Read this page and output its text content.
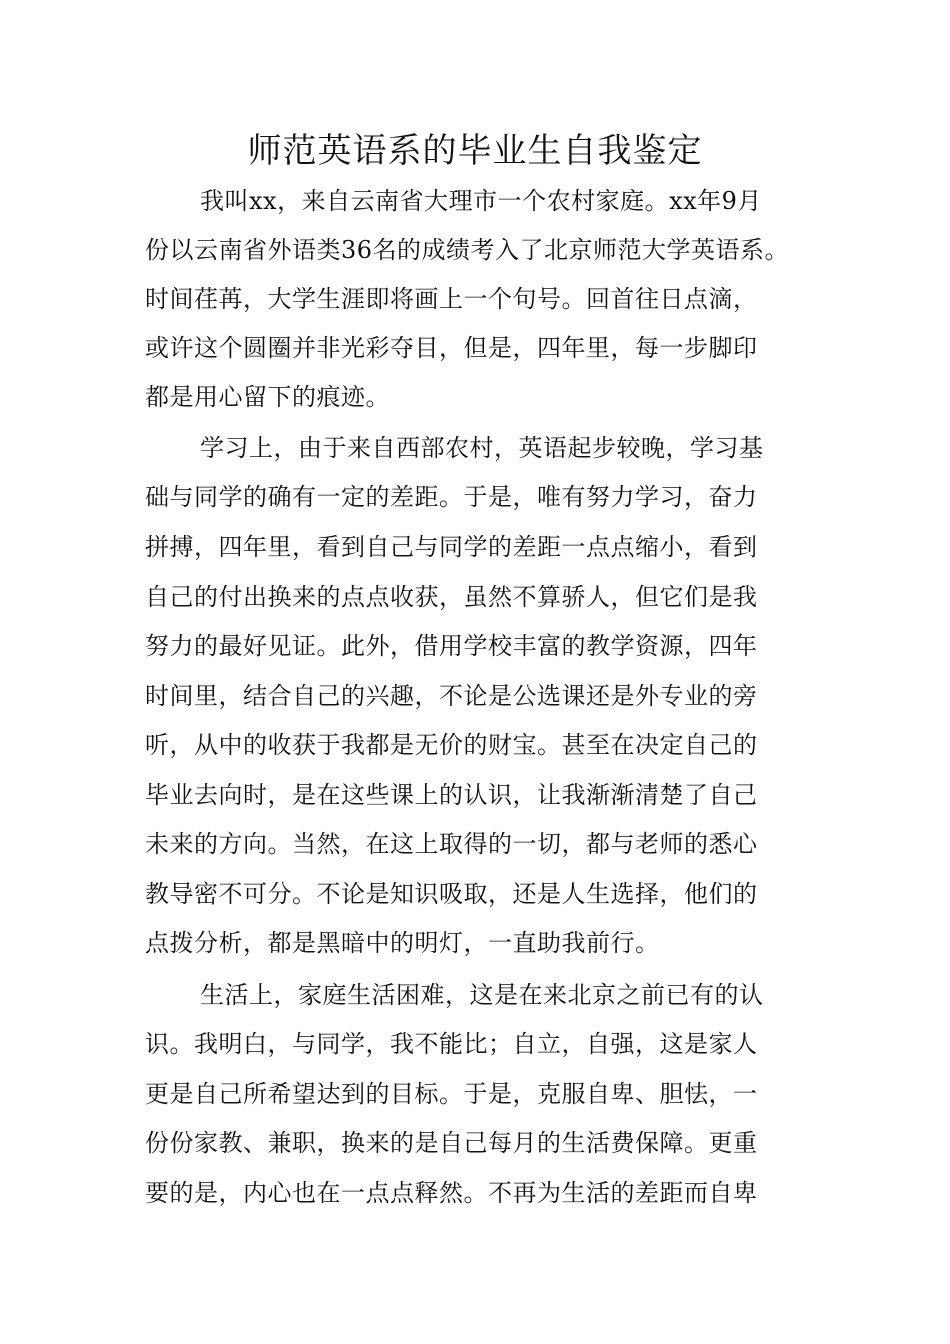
师范英语系的毕业生自我鉴定
我叫xx，来自云南省大理市一个农村家庭。xx年9月
份以云南省外语类36名的成绩考入了北京师范大学英语系。
时间荏苒，大学生涯即将画上一个句号。回首往日点滴，
或许这个圆圈并非光彩夺目，但是，四年里，每一步脚印
都是用心留下的痕迹。
学习上，由于来自西部农村，英语起步较晚，学习基
础与同学的确有一定的差距。于是，唯有努力学习，奋力
拼搏，四年里，看到自己与同学的差距一点点缩小，看到
自己的付出换来的点点收获，虽然不算骄人，但它们是我
努力的最好见证。此外，借用学校丰富的教学资源，四年
时间里，结合自己的兴趣，不论是公选课还是外专业的旁
听，从中的收获于我都是无价的财宝。甚至在决定自己的
毕业去向时，是在这些课上的认识，让我渐渐清楚了自己
未来的方向。当然，在这上取得的一切，都与老师的悉心
教导密不可分。不论是知识吸取，还是人生选择，他们的
点拨分析，都是黑暗中的明灯，一直助我前行。
生活上，家庭生活困难，这是在来北京之前已有的认
识。我明白，与同学，我不能比；自立，自强，这是家人
更是自己所希望达到的目标。于是，克服自卑、胆怯，一
份份家教、兼职，换来的是自己每月的生活费保障。更重
要的是，内心也在一点点释然。不再为生活的差距而自卑
